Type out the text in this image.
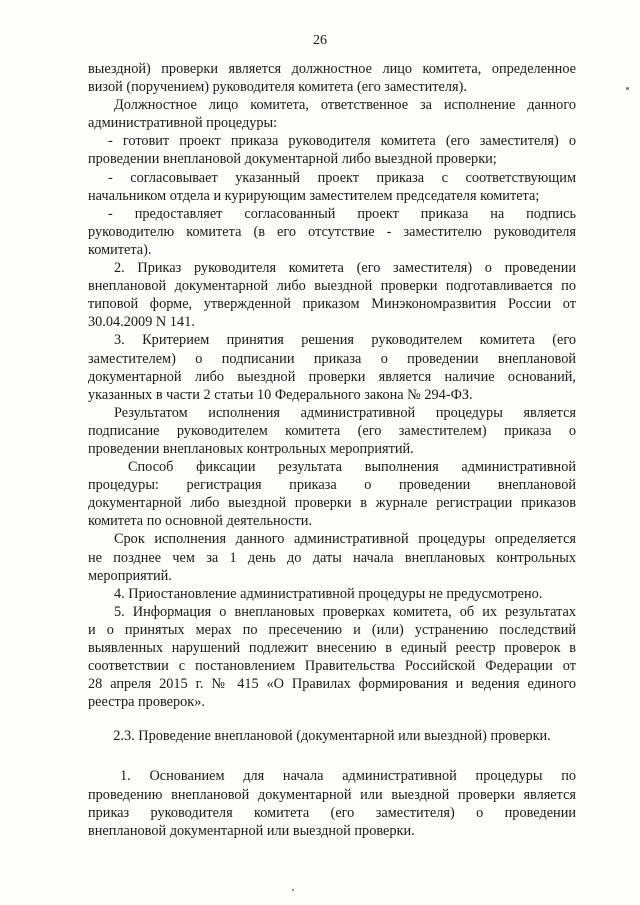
26
выездной) проверки является должностное лицо комитета, определенное
визой (поручением) руководителя комитета (его заместителя).
Должностное лицо комитета, ответственное за исполнение данного
административной процедуры:
- готовит проект приказа руководителя комитета (его заместителя) о
проведении внеплановой документарной либо выездной проверки;
- согласовывает указанный проект приказа с соответствующим
начальником отдела и курирующим заместителем председателя комитета;
- предоставляет согласованный проект приказа на подпись
руководителю комитета (в его отсутствие - заместителю руководителя
комитета).
2. Приказ руководителя комитета (его заместителя) о проведении
внеплановой документарной либо выездной проверки подготавливается по
типовой форме, утвержденной приказом Минэкономразвития России от
30.04.2009 N 141.
3. Критерием принятия решения руководителем комитета (его
заместителем) о подписании приказа о проведении внеплановой
документарной либо выездной проверки является наличие оснований,
указанных в части 2 статьи 10 Федерального закона № 294-ФЗ.
Результатом исполнения административной процедуры является
подписание руководителем комитета (его заместителем) приказа о
проведении внеплановых контрольных мероприятий.
Способ фиксации результата выполнения административной
процедуры: регистрация приказа о проведении внеплановой
документарной либо выездной проверки в журнале регистрации приказов
комитета по основной деятельности.
Срок исполнения данного административной процедуры определяется
не позднее чем за 1 день до даты начала внеплановых контрольных
мероприятий.
4. Приостановление административной процедуры не предусмотрено.
5. Информация о внеплановых проверках комитета, об их результатах
и о принятых мерах по пресечению и (или) устранению последствий
выявленных нарушений подлежит внесению в единый реестр проверок в
соответствии с постановлением Правительства Российской Федерации от
28 апреля 2015 г. № 415 «О Правилах формирования и ведения единого
реестра проверок».
2.3. Проведение внеплановой (документарной или выездной) проверки.
1. Основанием для начала административной процедуры по
проведению внеплановой документарной или выездной проверки является
приказ руководителя комитета (его заместителя) о проведении
внеплановой документарной или выездной проверки.
